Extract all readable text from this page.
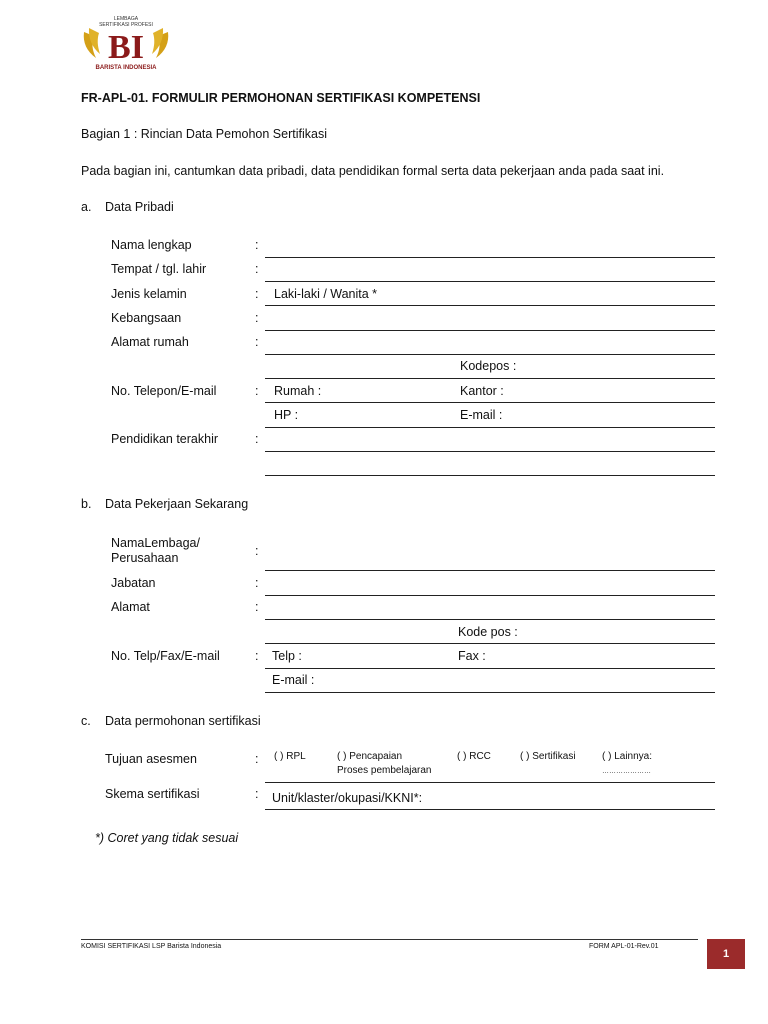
LEMBAGA
SERTIFIKASI PROFESI
BI
BARISTA INDONESIA
FR-APL-01. FORMULIR PERMOHONAN SERTIFIKASI KOMPETENSI
Bagian 1 : Rincian Data Pemohon Sertifikasi
Pada bagian ini, cantumkan data pribadi, data pendidikan formal serta data pekerjaan anda pada saat ini.
a. Data Pribadi
Nama lengkap	:
Tempat / tgl. lahir	:
Jenis kelamin	: Laki-laki / Wanita *
Kebangsaan	:
Alamat rumah	:
Kodepos :
No. Telepon/E-mail	: Rumah :	Kantor :
HP :	E-mail :
Pendidikan terakhir	:
b. Data Pekerjaan Sekarang
NamaLembaga/
Perusahaan	:
Jabatan	:
Alamat	:
Kode pos :
No. Telp/Fax/E-mail	: Telp :	Fax :
E-mail :
c. Data permohonan sertifikasi
Tujuan asesmen	: ( ) RPL	( ) Pencapaian
Proses pembelajaran
( ) RCC	( ) Sertifikasi	( ) Lainnya:
…………………
Skema sertifikasi	: Unit/klaster/okupasi/KKNI*:
*) Coret yang tidak sesuai
KOMISI SERTIFIKASI LSP Barista Indonesia	FORM APL-01-Rev.01
1
